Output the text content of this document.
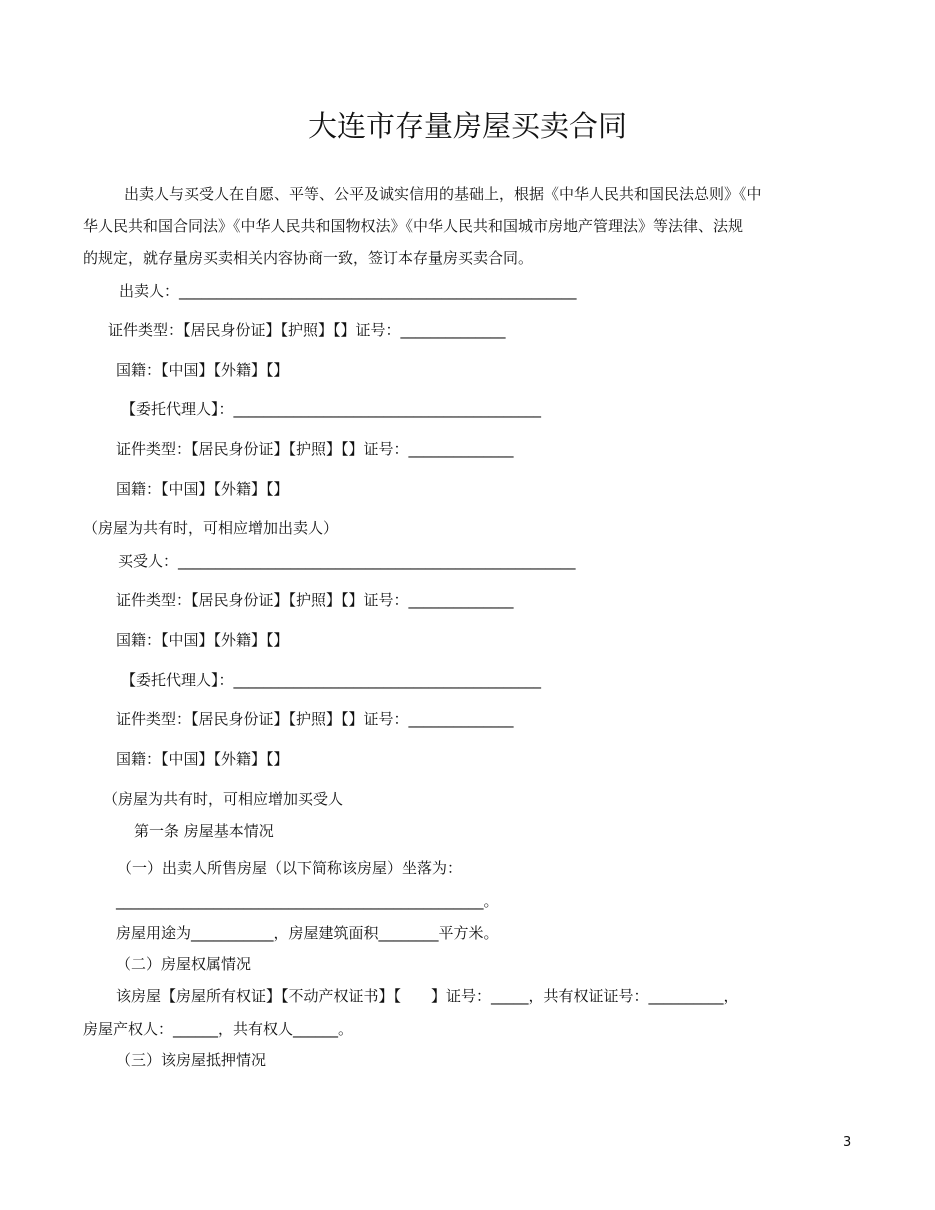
大连市存量房屋买卖合同
出卖人与买受人在自愿、平等、公平及诚实信用的基础上，根据《中华人民共和国民法总则》《中
华人民共和国合同法》《中华人民共和国物权法》《中华人民共和国城市房地产管理法》等法律、法规
的规定，就存量房买卖相关内容协商一致，签订本存量房买卖合同。
出卖人：_____________________________________________________
证件类型：【居民身份证】【护照】【】证号：______________
国籍：【中国】【外籍】【】
【委托代理人】：_________________________________________
证件类型：【居民身份证】【护照】【】证号：______________
国籍：【中国】【外籍】【】
（房屋为共有时，可相应增加出卖人）
买受人：_____________________________________________________
证件类型：【居民身份证】【护照】【】证号：______________
国籍：【中国】【外籍】【】
【委托代理人】：_________________________________________
证件类型：【居民身份证】【护照】【】证号：______________
国籍：【中国】【外籍】【】
（房屋为共有时，可相应增加买受人
第一条 房屋基本情况
（一）出卖人所售房屋（以下简称该房屋）坐落为：
_________________________________________________。
房屋用途为___________，房屋建筑面积________平方米。
（二）房屋权属情况
该房屋【房屋所有权证】【不动产权证书】【　　】证号：_____，共有权证证号：__________，
房屋产权人：______，共有权人______。
（三）该房屋抵押情况
3
